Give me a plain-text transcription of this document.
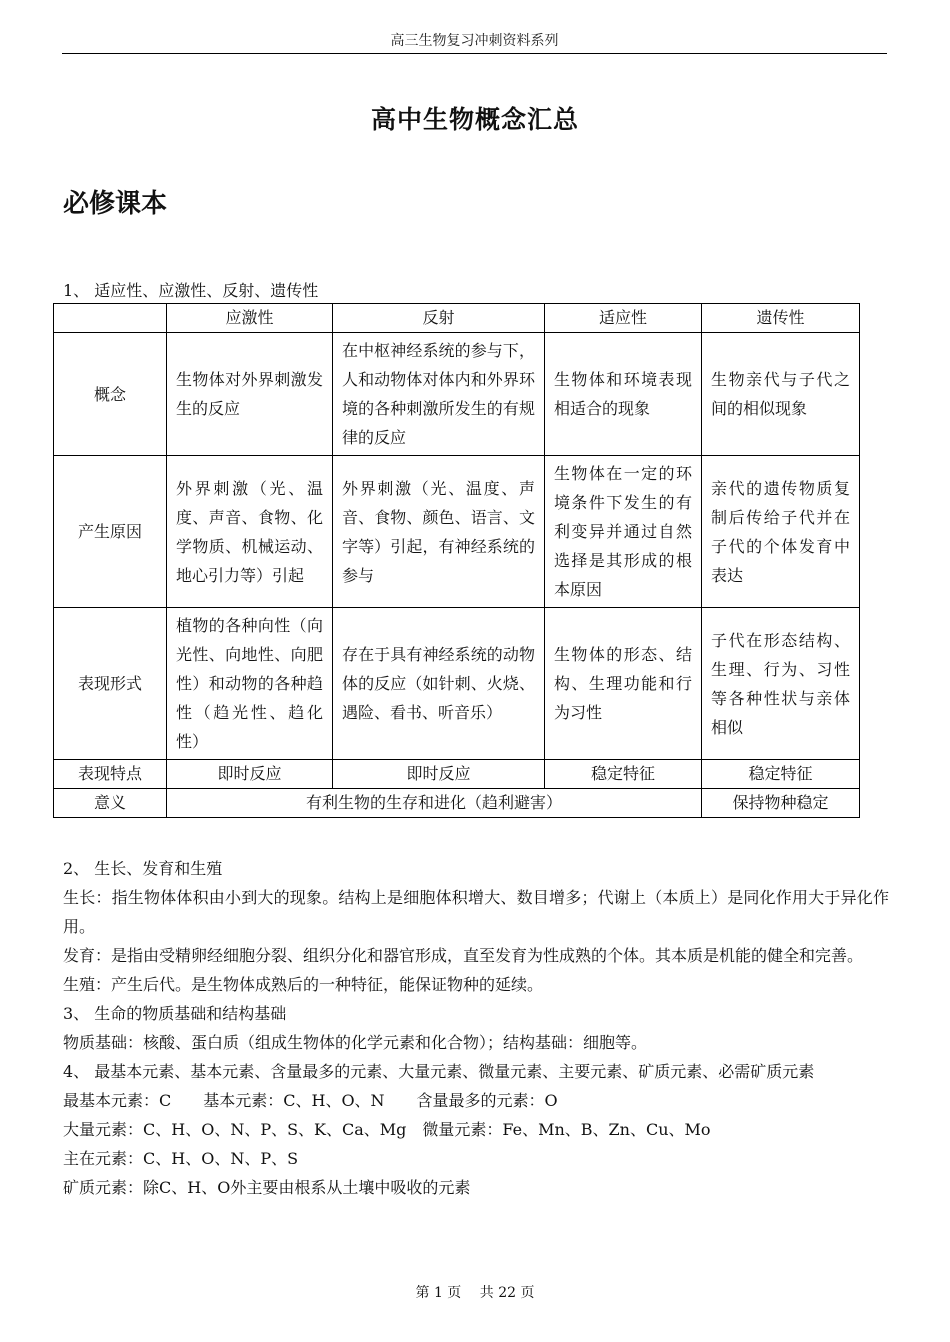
高三生物复习冲刺资料系列
高中生物概念汇总
必修课本
1、 适应性、应激性、反射、遗传性
	应激性	反射	适应性	遗传性
概念	生物体对外界刺激发生的反应	在中枢神经系统的参与下，人和动物体对体内和外界环境的各种刺激所发生的有规律的反应	生物体和环境表现相适合的现象	生物亲代与子代之间的相似现象
产生原因	外界刺激（光、温度、声音、食物、化学物质、机械运动、地心引力等）引起	外界刺激（光、温度、声音、食物、颜色、语言、文字等）引起，有神经系统的参与	生物体在一定的环境条件下发生的有利变异并通过自然选择是其形成的根本原因	亲代的遗传物质复制后传给子代并在子代的个体发育中表达
表现形式	植物的各种向性（向光性、向地性、向肥性）和动物的各种趋性（趋光性、趋化性）	存在于具有神经系统的动物体的反应（如针刺、火烧、遇险、看书、听音乐）	生物体的形态、结构、生理功能和行为习性	子代在形态结构、生理、行为、习性等各种性状与亲体相似
表现特点	即时反应	即时反应	稳定特征	稳定特征
意义	有利生物的生存和进化（趋利避害）			保持物种稳定

2、 生长、发育和生殖

生长：指生物体体积由小到大的现象。结构上是细胞体积增大、数目增多；代谢上（本质上）是同化作用大于异化作用。

发育：是指由受精卵经细胞分裂、组织分化和器官形成，直至发育为性成熟的个体。其本质是机能的健全和完善。

生殖：产生后代。是生物体成熟后的一种特征，能保证物种的延续。

3、 生命的物质基础和结构基础

物质基础：核酸、蛋白质（组成生物体的化学元素和化合物）；结构基础：细胞等。

4、 最基本元素、基本元素、含量最多的元素、大量元素、微量元素、主要元素、矿质元素、必需矿质元素

最基本元素：C　　基本元素：C、H、O、N　　含量最多的元素：O

大量元素：C、H、O、N、P、S、K、Ca、Mg　微量元素：Fe、Mn、B、Zn、Cu、Mo

主在元素：C、H、O、N、P、S

矿质元素：除C、H、O外主要由根系从土壤中吸收的元素

第 1 页　 共 22 页
